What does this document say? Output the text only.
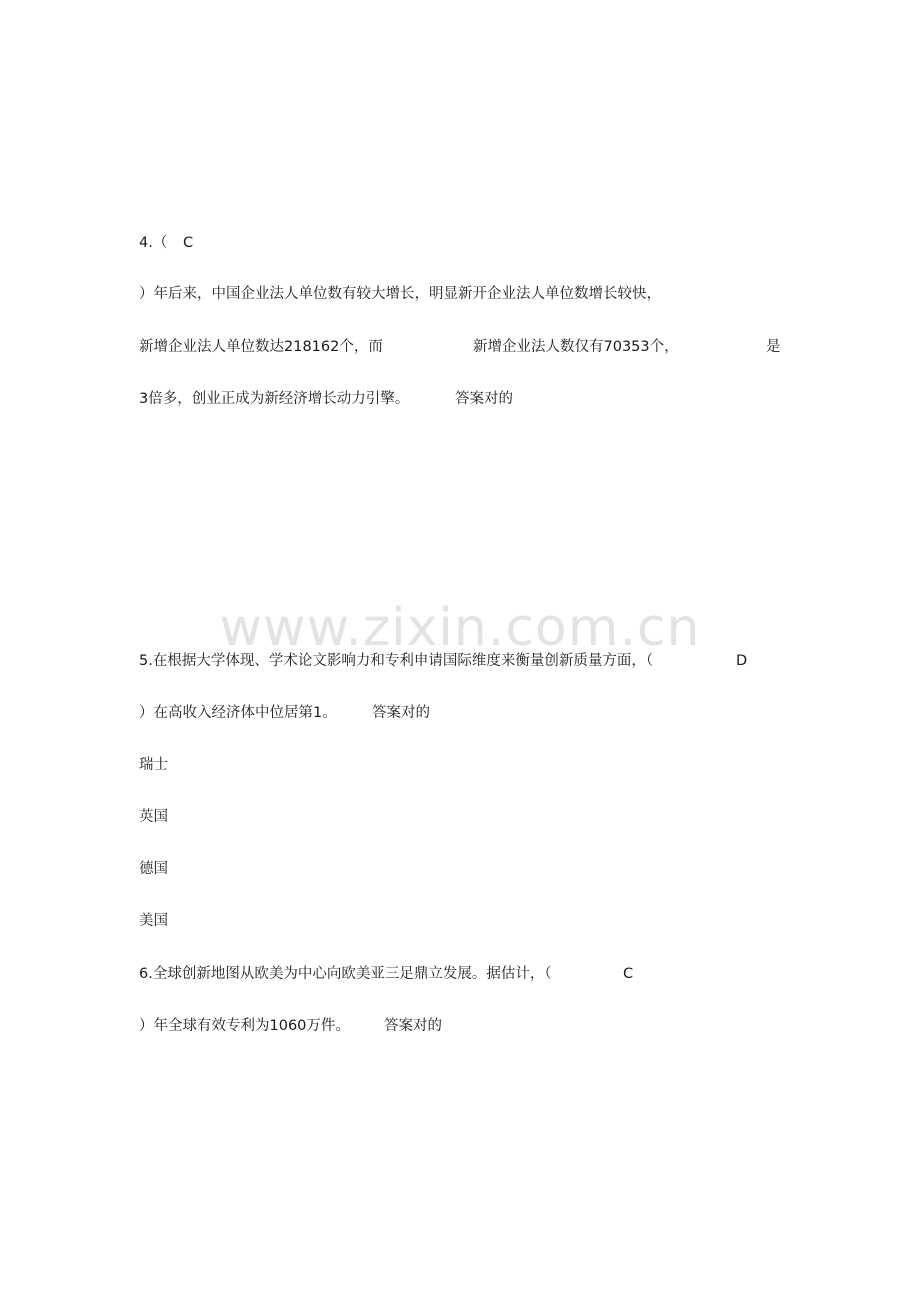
www.zixin.com.cn
4.（ C
）年后来，中国企业法人单位数有较大增长，明显新开企业法人单位数增长较快，
新增企业法人单位数达218162个，而	新增企业法人数仅有70353个，	是
3倍多，创业正成为新经济增长动力引擎。	答案对的
5.在根据大学体现、学术论文影响力和专利申请国际维度来衡量创新质量方面，（	D
）在高收入经济体中位居第1。 答案对的
瑞士
英国
德国
美国
6.全球创新地图从欧美为中心向欧美亚三足鼎立发展。据估计，（	C
）年全球有效专利为1060万件。 答案对的
